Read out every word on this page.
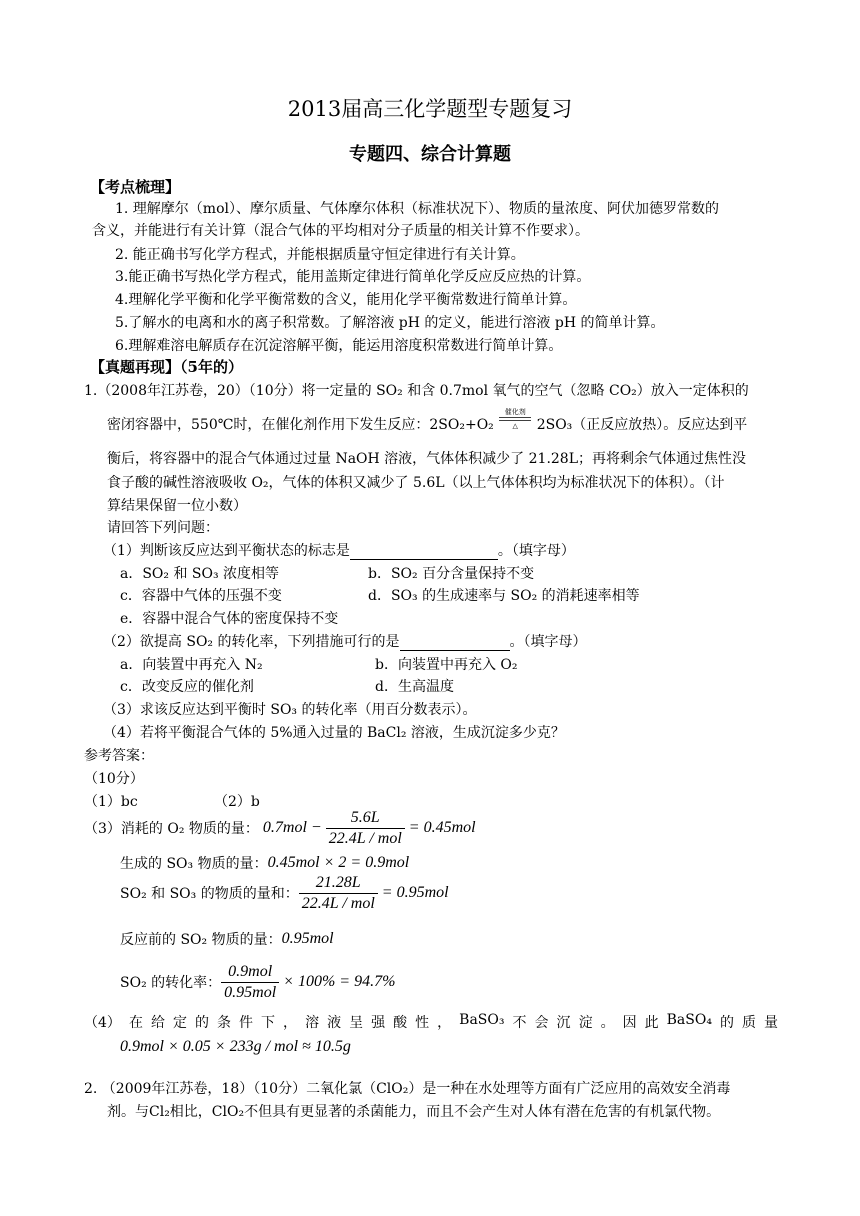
2013届高三化学题型专题复习
专题四、综合计算题
【考点梳理】
1. 理解摩尔（mol）、摩尔质量、气体摩尔体积（标准状况下）、物质的量浓度、阿伏加德罗常数的
含义，并能进行有关计算（混合气体的平均相对分子质量的相关计算不作要求）。
2. 能正确书写化学方程式，并能根据质量守恒定律进行有关计算。
3.能正确书写热化学方程式，能用盖斯定律进行简单化学反应反应热的计算。
4.理解化学平衡和化学平衡常数的含义，能用化学平衡常数进行简单计算。
5.了解水的电离和水的离子积常数。了解溶液 pH 的定义，能进行溶液 pH 的简单计算。
6.理解难溶电解质存在沉淀溶解平衡，能运用溶度积常数进行简单计算。
【真题再现】（5年的）
1.（2008年江苏卷，20）（10分）将一定量的 SO₂ 和含 0.7mol 氧气的空气（忽略 CO₂）放入一定体积的
密闭容器中，550℃时，在催化剂作用下发生反应：2SO₂+O₂
催化剂
△	2SO₃（正反应放热）。反应达到平
衡后，将容器中的混合气体通过过量 NaOH 溶液，气体体积减少了 21.28L；再将剩余气体通过焦性没
食子酸的碱性溶液吸收 O₂，气体的体积又减少了 5.6L（以上气体体积均为标准状况下的体积）。（计
算结果保留一位小数）
请回答下列问题：
（1）判断该反应达到平衡状态的标志是	。（填字母）
a．SO₂ 和 SO₃ 浓度相等	b．SO₂ 百分含量保持不变
c．容器中气体的压强不变	d．SO₃ 的生成速率与 SO₂ 的消耗速率相等
e．容器中混合气体的密度保持不变
（2）欲提高 SO₂ 的转化率，下列措施可行的是	。（填字母）
a．向装置中再充入 N₂	b．向装置中再充入 O₂
c．改变反应的催化剂	d．生高温度
（3）求该反应达到平衡时 SO₃ 的转化率（用百分数表示）。
（4）若将平衡混合气体的 5%通入过量的 BaCl₂ 溶液，生成沉淀多少克？
参考答案：
（10分）
（1）bc	（2）b
（3）消耗的 O₂ 物质的量： $0.7mol - \frac{5.6L}{\text{22.4L / mol}} = 0.45mol$
生成的 SO₃ 物质的量： 0.45mol × 2 = 0.9mol
SO₂ 和 SO₃ 的物质的量和： $\frac{21.28L}{\text{22.4L / mol}} = 0.95mol$
反应前的 SO₂ 物质的量： 0.95mol
SO₂ 的转化率： $\frac{\text{0.9mol}}{\text{0.95mol}} \times 100\% = 94.7\%$
（4） 在 给 定 的 条 件 下 ， 溶 液 呈 强 酸 性 ， BaSO₃ 不 会 沉 淀 。 因 此 BaSO₄ 的 质 量
0.9mol × 0.05 × 233g / mol ≈ 10.5g
2. （2009年江苏卷，18）（10分）二氧化氯（ClO₂）是一种在水处理等方面有广泛应用的高效安全消毒
剂。与Cl₂相比，ClO₂不但具有更显著的杀菌能力，而且不会产生对人体有潜在危害的有机氯代物。
